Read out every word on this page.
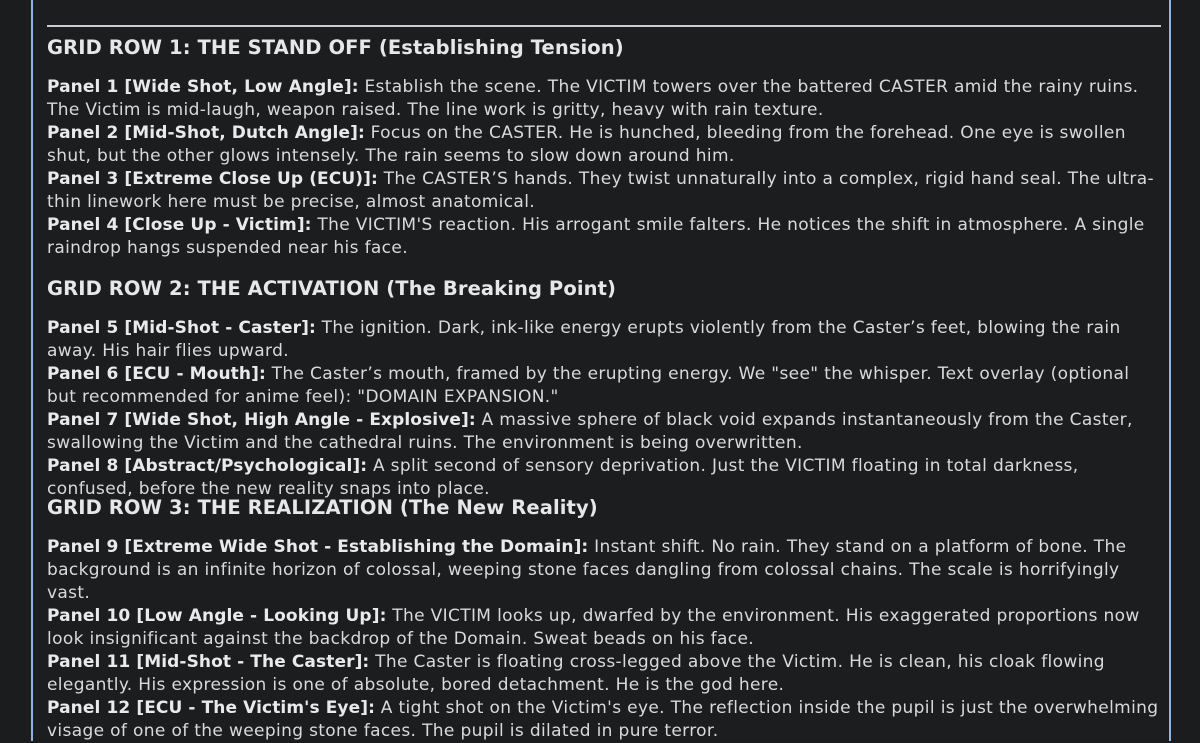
GRID ROW 1: THE STAND OFF (Establishing Tension)

Panel 1 [Wide Shot, Low Angle]: Establish the scene. The VICTIM towers over the battered CASTER amid the rainy ruins. The Victim is mid-laugh, weapon raised. The line work is gritty, heavy with rain texture.

Panel 2 [Mid-Shot, Dutch Angle]: Focus on the CASTER. He is hunched, bleeding from the forehead. One eye is swollen shut, but the other glows intensely. The rain seems to slow down around him.

Panel 3 [Extreme Close Up (ECU)]: The CASTER’S hands. They twist unnaturally into a complex, rigid hand seal. The ultra-thin linework here must be precise, almost anatomical.

Panel 4 [Close Up - Victim]: The VICTIM'S reaction. His arrogant smile falters. He notices the shift in atmosphere. A single raindrop hangs suspended near his face.

GRID ROW 2: THE ACTIVATION (The Breaking Point)

Panel 5 [Mid-Shot - Caster]: The ignition. Dark, ink-like energy erupts violently from the Caster’s feet, blowing the rain away. His hair flies upward.

Panel 6 [ECU - Mouth]: The Caster’s mouth, framed by the erupting energy. We "see" the whisper. Text overlay (optional but recommended for anime feel): "DOMAIN EXPANSION."

Panel 7 [Wide Shot, High Angle - Explosive]: A massive sphere of black void expands instantaneously from the Caster, swallowing the Victim and the cathedral ruins. The environment is being overwritten.

Panel 8 [Abstract/Psychological]: A split second of sensory deprivation. Just the VICTIM floating in total darkness, confused, before the new reality snaps into place.

GRID ROW 3: THE REALIZATION (The New Reality)

Panel 9 [Extreme Wide Shot - Establishing the Domain]: Instant shift. No rain. They stand on a platform of bone. The background is an infinite horizon of colossal, weeping stone faces dangling from colossal chains. The scale is horrifyingly vast.

Panel 10 [Low Angle - Looking Up]: The VICTIM looks up, dwarfed by the environment. His exaggerated proportions now look insignificant against the backdrop of the Domain. Sweat beads on his face.

Panel 11 [Mid-Shot - The Caster]: The Caster is floating cross-legged above the Victim. He is clean, his cloak flowing elegantly. His expression is one of absolute, bored detachment. He is the god here.

Panel 12 [ECU - The Victim's Eye]: A tight shot on the Victim's eye. The reflection inside the pupil is just the overwhelming visage of one of the weeping stone faces. The pupil is dilated in pure terror.
